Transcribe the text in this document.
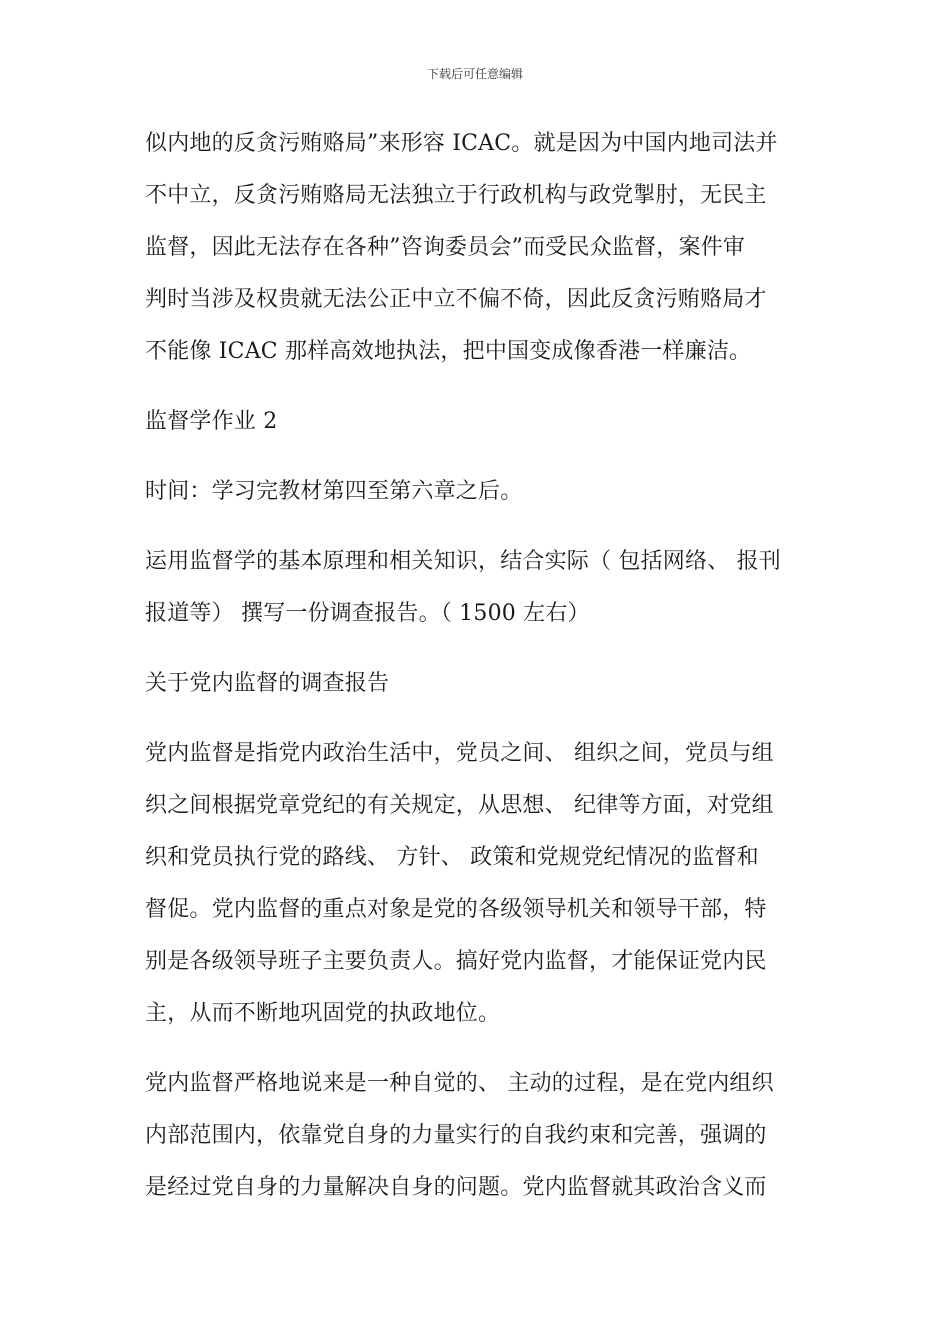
下载后可任意编辑

似内地的反贪污贿赂局”来形容 ICAC。就是因为中国内地司法并
不中立，反贪污贿赂局无法独立于行政机构与政党掣肘，无民主
监督，因此无法存在各种”咨询委员会”而受民众监督，案件审
判时当涉及权贵就无法公正中立不偏不倚，因此反贪污贿赂局才
不能像 ICAC 那样高效地执法，把中国变成像香港一样廉洁。

监督学作业 2

时间：学习完教材第四至第六章之后。

运用监督学的基本原理和相关知识，结合实际（ 包括网络、 报刊
报道等） 撰写一份调查报告。（ 1500 左右）

关于党内监督的调查报告

党内监督是指党内政治生活中，党员之间、 组织之间，党员与组
织之间根据党章党纪的有关规定，从思想、 纪律等方面，对党组
织和党员执行党的路线、 方针、 政策和党规党纪情况的监督和
督促。党内监督的重点对象是党的各级领导机关和领导干部，特
别是各级领导班子主要负责人。搞好党内监督，才能保证党内民
主，从而不断地巩固党的执政地位。

党内监督严格地说来是一种自觉的、 主动的过程，是在党内组织
内部范围内，依靠党自身的力量实行的自我约束和完善，强调的
是经过党自身的力量解决自身的问题。党内监督就其政治含义而
